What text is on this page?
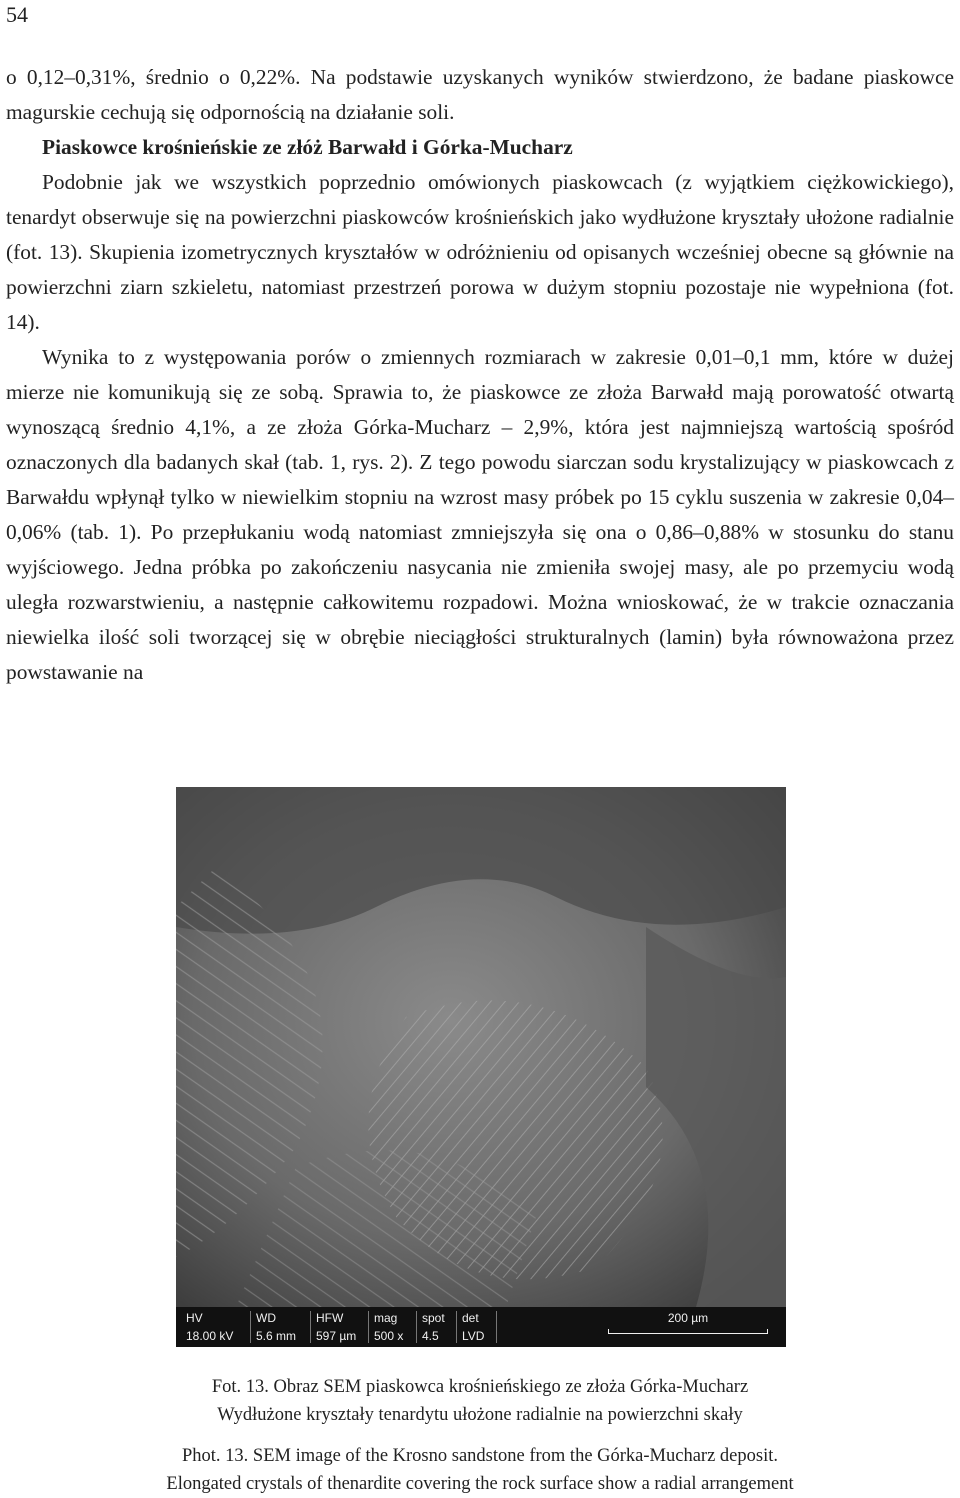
54

o 0,12–0,31%, średnio o 0,22%. Na podstawie uzyskanych wyników stwierdzono, że badane piaskowce magurskie cechują się odpornością na działanie soli.

Piaskowce krośnieńskie ze złóż Barwałd i Górka-Mucharz

Podobnie jak we wszystkich poprzednio omówionych piaskowcach (z wyjątkiem ciężkowickiego), tenardyt obserwuje się na powierzchni piaskowców krośnieńskich jako wydłużone kryształy ułożone radialnie (fot. 13). Skupienia izometrycznych kryształów w odróżnieniu od opisanych wcześniej obecne są głównie na powierzchni ziarn szkieletu, natomiast przestrzeń porowa w dużym stopniu pozostaje nie wypełniona (fot. 14).

Wynika to z występowania porów o zmiennych rozmiarach w zakresie 0,01–0,1 mm, które w dużej mierze nie komunikują się ze sobą. Sprawia to, że piaskowce ze złoża Barwałd mają porowatość otwartą wynoszącą średnio 4,1%, a ze złoża Górka-Mucharz – 2,9%, która jest najmniejszą wartością spośród oznaczonych dla badanych skał (tab. 1, rys. 2). Z tego powodu siarczan sodu krystalizujący w piaskowcach z Barwałdu wpłynął tylko w niewielkim stopniu na wzrost masy próbek po 15 cyklu suszenia w zakresie 0,04–0,06% (tab. 1). Po przepłukaniu wodą natomiast zmniejszyła się ona o 0,86–0,88% w stosunku do stanu wyjściowego. Jedna próbka po zakończeniu nasycania nie zmieniła swojej masy, ale po przemyciu wodą uległa rozwarstwieniu, a następnie całkowitemu rozpadowi. Można wnioskować, że w trakcie oznaczania niewielka ilość soli tworzącej się w obrębie nieciągłości strukturalnych (lamin) była równoważona przez powstawanie na

HV
18.00 kV
WD
5.6 mm
HFW
597 µm
mag
500 x
spot
4.5
det
LVD
200 µm
Fot. 13. Obraz SEM piaskowca krośnieńskiego ze złoża Górka-Mucharz
Wydłużone kryształy tenardytu ułożone radialnie na powierzchni skały
Phot. 13. SEM image of the Krosno sandstone from the Górka-Mucharz deposit.
Elongated crystals of thenardite covering the rock surface show a radial arrangement
